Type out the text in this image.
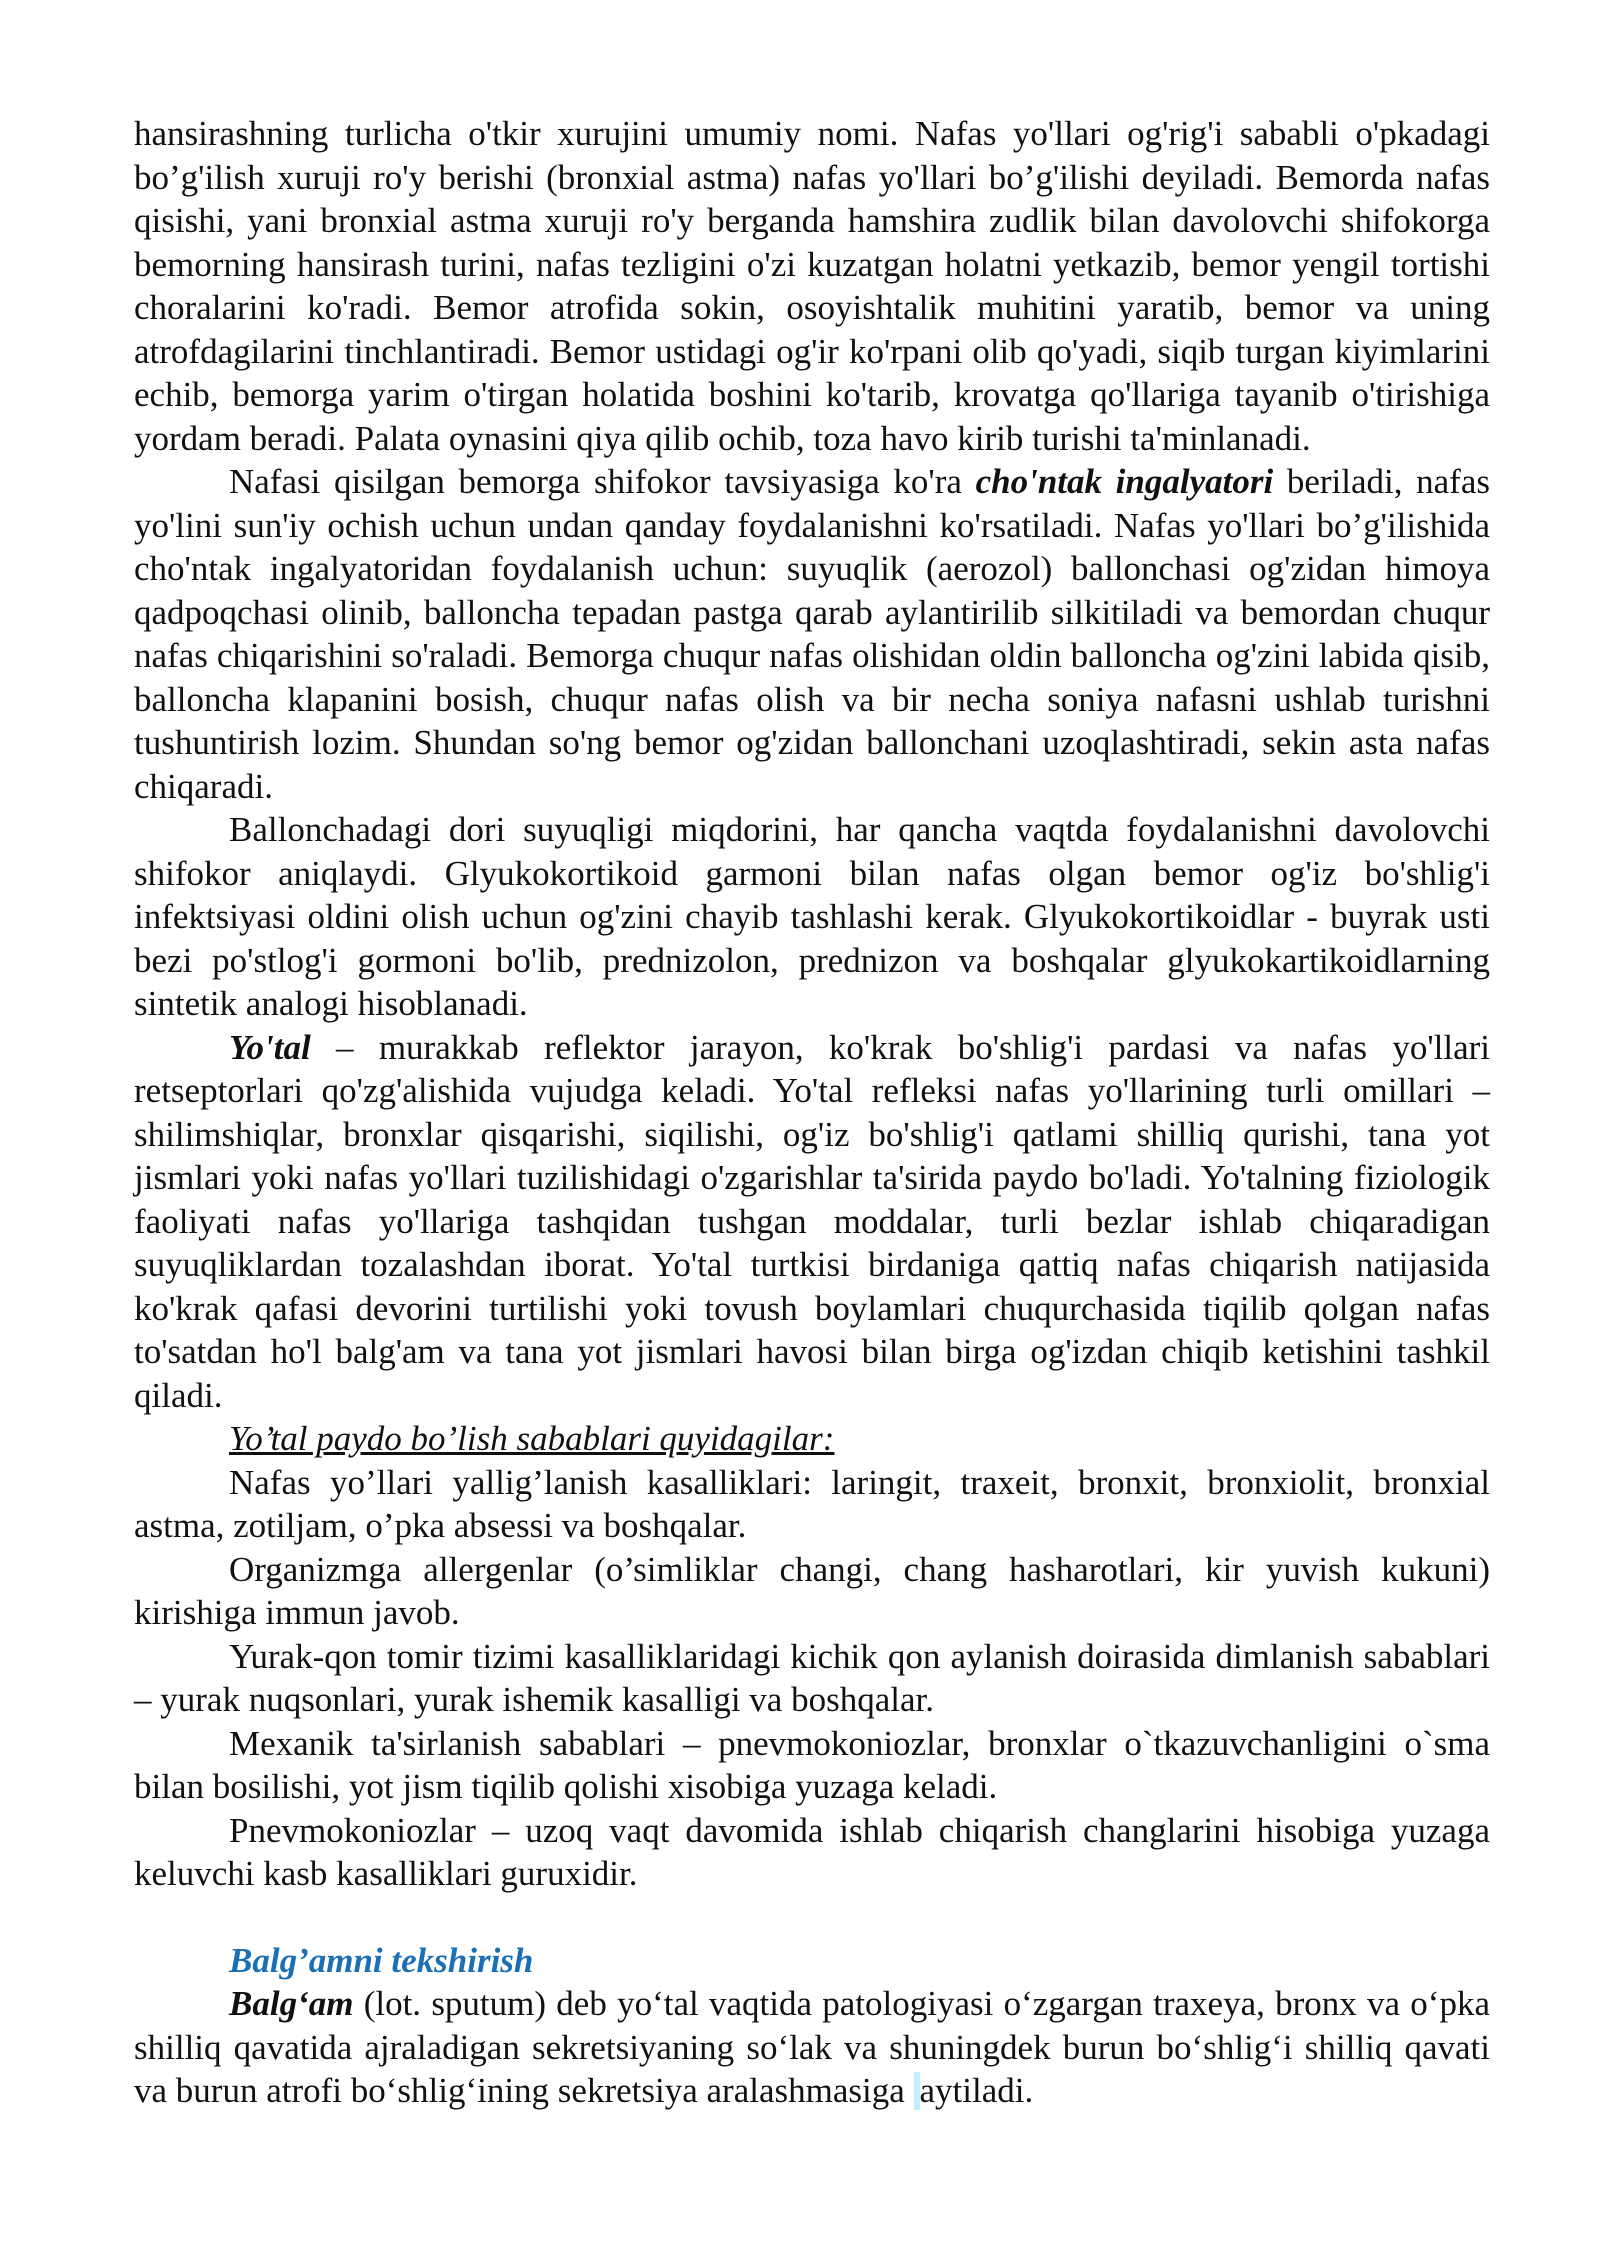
hansirashning turlicha o'tkir xurujini umumiy nomi. Nafas yo'llari og'rig'i sababli o'pkadagi bo’g'ilish xuruji ro'y berishi (bronxial astma) nafas yo'llari bo’g'ilishi deyiladi. Bemorda nafas qisishi, yani bronxial astma xuruji ro'y berganda hamshira zudlik bilan davolovchi shifokorga bemorning hansirash turini, nafas tezligini o'zi kuzatgan holatni yetkazib, bemor yengil tortishi choralarini ko'radi. Bemor atrofida sokin, osoyishtalik muhitini yaratib, bemor va uning atrofdagilarini tinchlantiradi. Bemor ustidagi og'ir ko'rpani olib qo'yadi, siqib turgan kiyimlarini echib, bemorga yarim o'tirgan holatida boshini ko'tarib, krovatga qo'llariga tayanib o'tirishiga yordam beradi. Palata oynasini qiya qilib ochib, toza havo kirib turishi ta'minlanadi.

Nafasi qisilgan bemorga shifokor tavsiyasiga ko'ra cho'ntak ingalyatori beriladi, nafas yo'lini sun'iy ochish uchun undan qanday foydalanishni ko'rsatiladi. Nafas yo'llari bo’g'ilishida cho'ntak ingalyatoridan foydalanish uchun: suyuqlik (aerozol) ballonchasi og'zidan himoya qadpoqchasi olinib, ballonchа tepadan pastga qarab aylantirilib silkitiladi va bemordan chuqur nafas chiqarishini so'raladi. Bemorga chuqur nafas olishidan oldin ballonchа og'zini labida qisib, ballonchа klapanini bosish, chuqur nafas olish va bir necha soniya nafasni ushlab turishni tushuntirish lozim. Shundan so'ng bemor og'zidan ballonchani uzoqlashtiradi, sekin asta nafas chiqaradi.

Ballonchadagi dori suyuqligi miqdorini, har qancha vaqtda foydalanishni davolovchi shifokor aniqlaydi. Glyukokortikoid garmoni bilan nafas olgan bemor og'iz bo'shlig'i infektsiyasi oldini olish uchun og'zini chayib tashlashi kerak. Glyukokortikoidlar - buyrak usti bezi po'stlog'i gormoni bo'lib, prednizolon, prednizon va boshqalar glyukokartikoidlarning sintetik analogi hisoblanadi.

Yo'tal – murakkab reflektor jarayon, ko'krak bo'shlig'i pardasi va nafas yo'llari retseptorlari qo'zg'alishida vujudga keladi. Yo'tal refleksi nafas yo'llarining turli omillari – shilimshiqlar, bronxlar qisqarishi, siqilishi, og'iz bo'shlig'i qatlami shilliq qurishi, tana yot jismlari yoki nafas yo'llari tuzilishidagi o'zgarishlar ta'sirida paydo bo'ladi. Yo'talning fiziologik faoliyati nafas yo'llariga tashqidan tushgan moddalar, turli bezlar ishlab chiqaradigan suyuqliklardan tozalashdan iborat. Yo'tal turtkisi birdaniga qattiq nafas chiqarish natijasida ko'krak qafasi devorini turtilishi yoki tovush boylamlari chuqurchasida tiqilib qolgan nafas to'satdan ho'l balg'am va tana yot jismlari havosi bilan birga og'izdan chiqib ketishini tashkil qiladi.

Yo’tal paydo bo’lish sabablari quyidagilar:

Nafas yo’llari yallig’lanish kasalliklari: laringit, traxeit, bronxit, bronxiolit, bronxial astma, zotiljam, o’pka absessi va boshqalar.

Organizmga allergenlar (o’simliklar changi, chang hasharotlari, kir yuvish kukuni) kirishiga immun javob.

Yurak-qon tomir tizimi kasalliklaridagi kichik qon aylanish doirasida dimlanish sabablari – yurak nuqsonlari, yurak ishemik kasalligi va boshqalar.

Mexanik ta'sirlanish sabablari – pnevmokoniozlar, bronxlar o`tkazuvchanligini o`sma bilan bosilishi, yot jism tiqilib qolishi xisobiga yuzaga keladi.

Pnevmokoniozlar – uzoq vaqt davomida ishlab chiqarish changlarini hisobiga yuzaga keluvchi kasb kasalliklari guruxidir.

Balg’amni tekshirish

Balg‘am (lot. sputum) deb yo‘tal vaqtida patologiyasi o‘zgargan traxeya, bronx va o‘pka shilliq qavatida ajraladigan sekretsiyaning so‘lak va shuningdek burun bo‘shlig‘i shilliq qavati va burun atrofi bo‘shlig‘ining sekretsiya aralashmasiga aytiladi.
